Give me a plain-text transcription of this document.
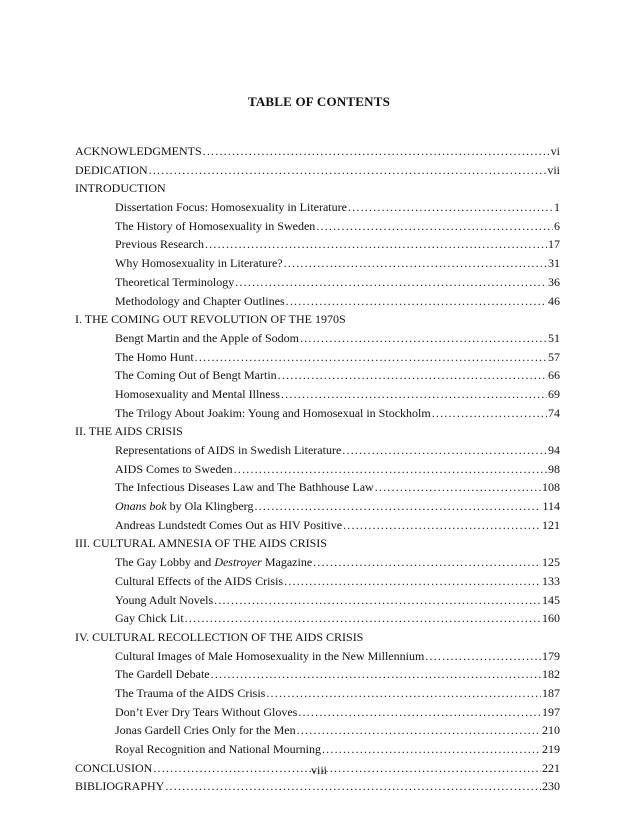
TABLE OF CONTENTS
ACKNOWLEDGMENTS .....	vi
DEDICATION .....	vii
INTRODUCTION
Dissertation Focus: Homosexuality in Literature .....	1
The History of Homosexuality in Sweden .....	6
Previous Research .....	17
Why Homosexuality in Literature? .....	31
Theoretical Terminology .....	36
Methodology and Chapter Outlines .....	46
I. THE COMING OUT REVOLUTION OF THE 1970S
Bengt Martin and the Apple of Sodom .....	51
The Homo Hunt .....	57
The Coming Out of Bengt Martin .....	66
Homosexuality and Mental Illness .....	69
The Trilogy About Joakim: Young and Homosexual in Stockholm .....	74
II. THE AIDS CRISIS
Representations of AIDS in Swedish Literature .....	94
AIDS Comes to Sweden .....	98
The Infectious Diseases Law and The Bathhouse Law .....	108
Onans bok by Ola Klingberg .....	114
Andreas Lundstedt Comes Out as HIV Positive .....	121
III. CULTURAL AMNESIA OF THE AIDS CRISIS
The Gay Lobby and Destroyer Magazine .....	125
Cultural Effects of the AIDS Crisis .....	133
Young Adult Novels .....	145
Gay Chick Lit .....	160
IV. CULTURAL RECOLLECTION OF THE AIDS CRISIS
Cultural Images of Male Homosexuality in the New Millennium .....	179
The Gardell Debate .....	182
The Trauma of the AIDS Crisis .....	187
Don’t Ever Dry Tears Without Gloves .....	197
Jonas Gardell Cries Only for the Men .....	210
Royal Recognition and National Mourning .....	219
CONCLUSION .....	221
BIBLIOGRAPHY .....	230
viii
